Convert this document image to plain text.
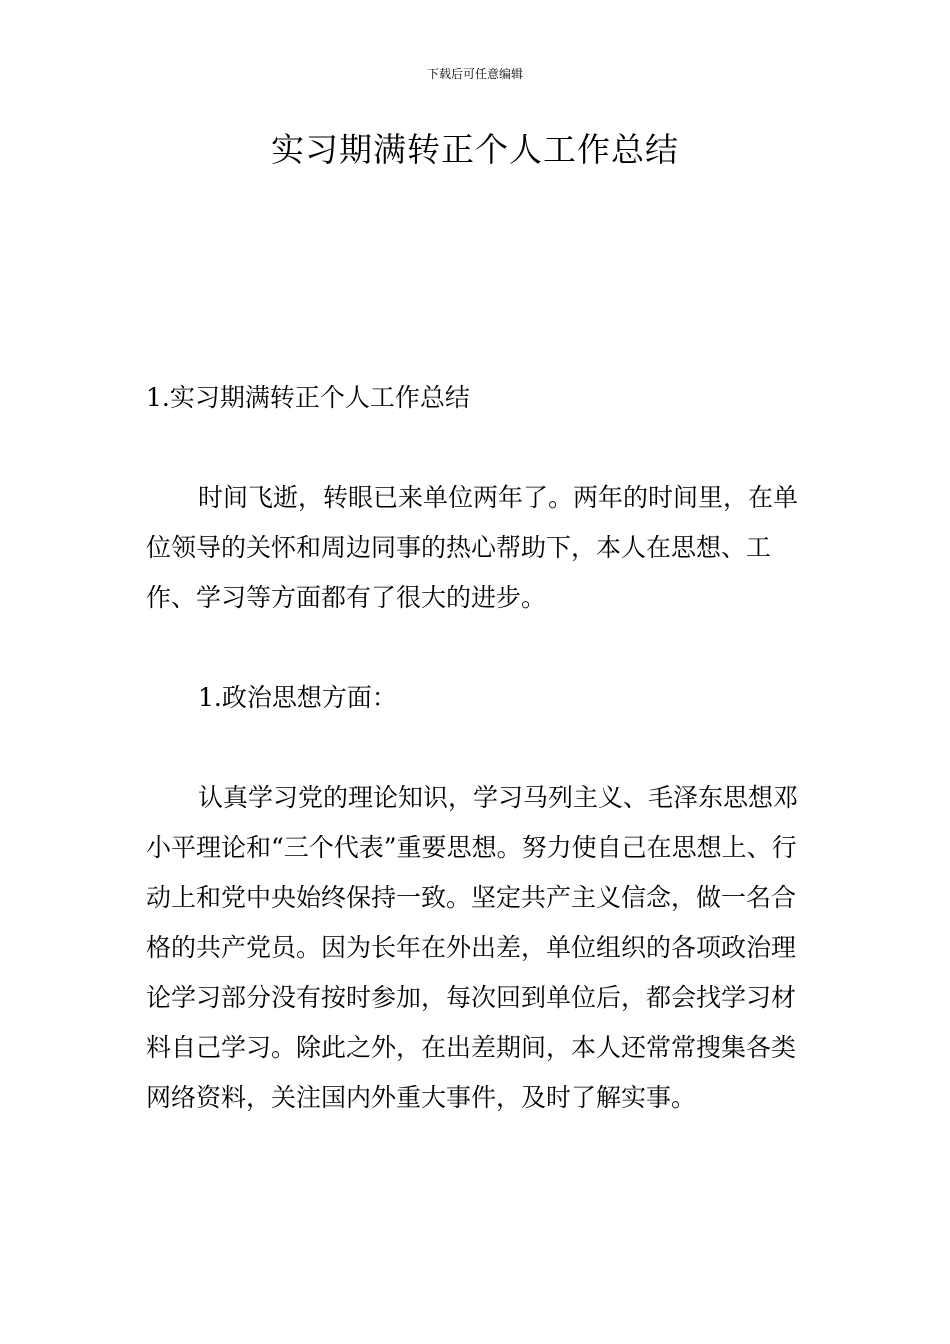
下载后可任意编辑
实习期满转正个人工作总结
1.实习期满转正个人工作总结

时间飞逝，转眼已来单位两年了。两年的时间里，在单位领导的关怀和周边同事的热心帮助下，本人在思想、工作、学习等方面都有了很大的进步。

1.政治思想方面：

认真学习党的理论知识，学习马列主义、毛泽东思想邓小平理论和“三个代表”重要思想。努力使自己在思想上、行动上和党中央始终保持一致。坚定共产主义信念，做一名合格的共产党员。因为长年在外出差，单位组织的各项政治理论学习部分没有按时参加，每次回到单位后，都会找学习材料自己学习。除此之外，在出差期间，本人还常常搜集各类网络资料，关注国内外重大事件，及时了解实事。
